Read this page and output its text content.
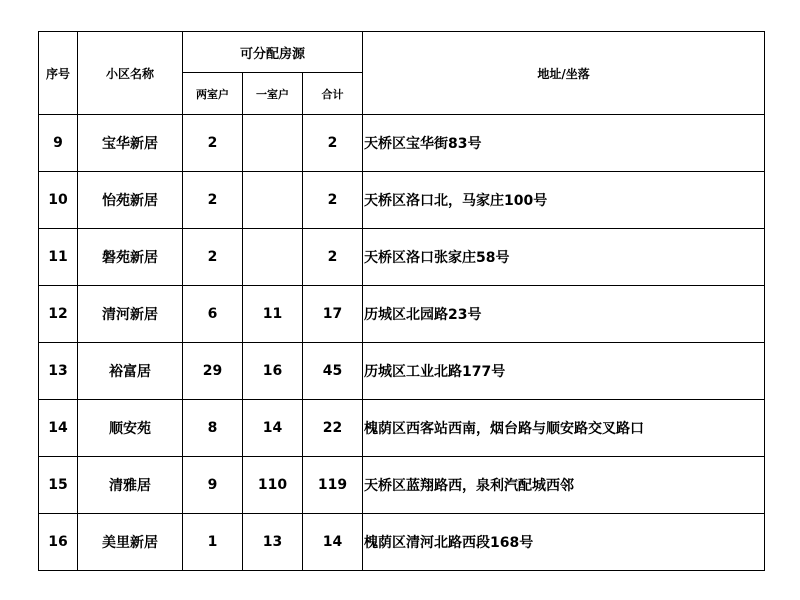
序号	小区名称	可分配房源			地址/坐落
		两室户	一室户	合计	
9	宝华新居	2		2	天桥区宝华街83号
10	怡苑新居	2		2	天桥区洛口北，马家庄100号
11	磐苑新居	2		2	天桥区洛口张家庄58号
12	清河新居	6	11	17	历城区北园路23号
13	裕富居	29	16	45	历城区工业北路177号
14	顺安苑	8	14	22	槐荫区西客站西南，烟台路与顺安路交叉路口
15	清雅居	9	110	119	天桥区蓝翔路西，泉利汽配城西邻
16	美里新居	1	13	14	槐荫区清河北路西段168号
